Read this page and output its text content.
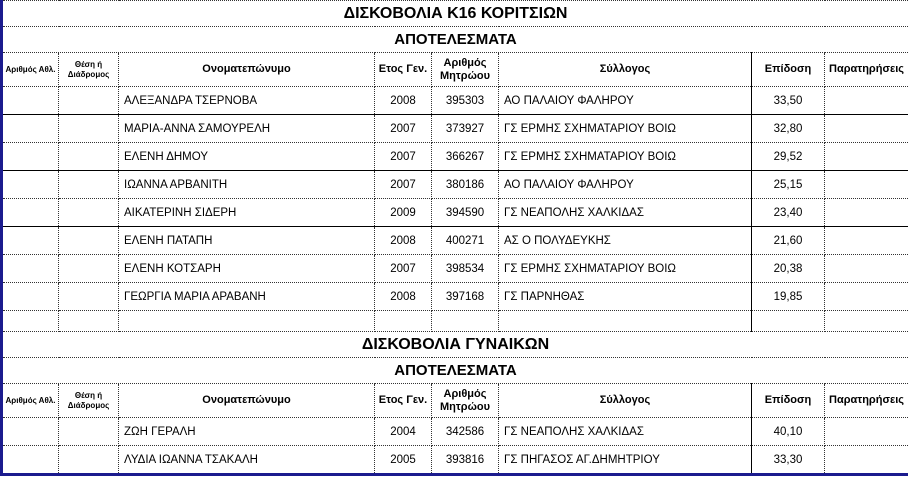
ΔΙΣΚΟΒΟΛΙΑ Κ16 ΚΟΡΙΤΣΙΩΝ							
ΑΠΟΤΕΛΕΣΜΑΤΑ							
Αριθμός Αθλ.	Θέση ή Διάδρομος	Ονοματεπώνυμο	Ετος Γεν.	Αριθμός Μητρώου	Σύλλογος	Επίδοση	Παρατηρήσεις
		ΑΛΕΞΑΝΔΡΑ ΤΣΕΡΝΟΒΑ	2008	395303	ΑΟ ΠΑΛΑΙΟΥ ΦΑΛΗΡΟΥ	33,50	
		ΜΑΡΙΑ-ΑΝΝΑ ΣΑΜΟΥΡΕΛΗ	2007	373927	ΓΣ ΕΡΜΗΣ ΣΧΗΜΑΤΑΡΙΟΥ ΒΟΙΩ	32,80	
		ΕΛΕΝΗ ΔΗΜΟΥ	2007	366267	ΓΣ ΕΡΜΗΣ ΣΧΗΜΑΤΑΡΙΟΥ ΒΟΙΩ	29,52	
		ΙΩΑΝΝΑ ΑΡΒΑΝΙΤΗ	2007	380186	ΑΟ ΠΑΛΑΙΟΥ ΦΑΛΗΡΟΥ	25,15	
		ΑΙΚΑΤΕΡΙΝΗ ΣΙΔΕΡΗ	2009	394590	ΓΣ ΝΕΑΠΟΛΗΣ ΧΑΛΚΙΔΑΣ	23,40	
		ΕΛΕΝΗ ΠΑΤΑΠΗ	2008	400271	ΑΣ Ο ΠΟΛΥΔΕΥΚΗΣ	21,60	
		ΕΛΕΝΗ ΚΟΤΣΑΡΗ	2007	398534	ΓΣ ΕΡΜΗΣ ΣΧΗΜΑΤΑΡΙΟΥ ΒΟΙΩ	20,38	
		ΓΕΩΡΓΙΑ ΜΑΡΙΑ ΑΡΑΒΑΝΗ	2008	397168	ΓΣ ΠΑΡΝΗΘΑΣ	19,85	

ΔΙΣΚΟΒΟΛΙΑ ΓΥΝΑΙΚΩΝ							
ΑΠΟΤΕΛΕΣΜΑΤΑ							
Αριθμός Αθλ.	Θέση ή Διάδρομος	Ονοματεπώνυμο	Ετος Γεν.	Αριθμός Μητρώου	Σύλλογος	Επίδοση	Παρατηρήσεις
		ΖΩΗ ΓΕΡΑΛΗ	2004	342586	ΓΣ ΝΕΑΠΟΛΗΣ ΧΑΛΚΙΔΑΣ	40,10	
		ΛΥΔΙΑ ΙΩΑΝΝΑ ΤΣΑΚΑΛΗ	2005	393816	ΓΣ ΠΗΓΑΣΟΣ ΑΓ.ΔΗΜΗΤΡΙΟΥ	33,30	
